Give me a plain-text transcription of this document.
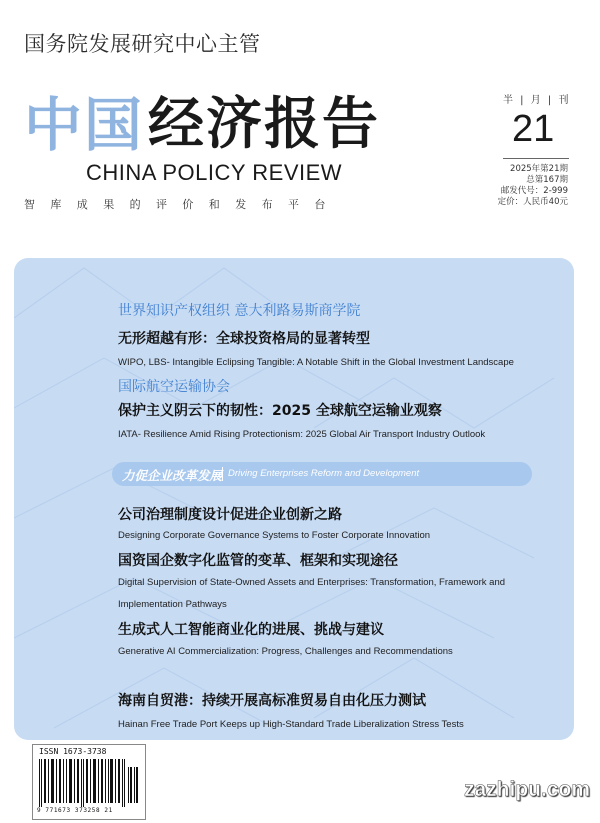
国务院发展研究中心主管
中国 经济报告
CHINA POLICY REVIEW
智库成果的评价和发布平台
半 | 月 | 刊
21
2025年第21期
总第167期
邮发代号：2-999
定价：人民币40元
世界知识产权组织 意大利路易斯商学院
无形超越有形：全球投资格局的显著转型
WIPO, LBS- Intangible Eclipsing Tangible: A Notable Shift in the Global Investment Landscape
国际航空运输协会
保护主义阴云下的韧性：2025 全球航空运输业观察
IATA- Resilience Amid Rising Protectionism: 2025 Global Air Transport Industry Outlook
力促企业改革发展 Driving Enterprises Reform and Development
公司治理制度设计促进企业创新之路
Designing Corporate Governance Systems to Foster Corporate Innovation
国资国企数字化监管的变革、框架和实现途径
Digital Supervision of State-Owned Assets and Enterprises: Transformation, Framework and
Implementation Pathways
生成式人工智能商业化的进展、挑战与建议
Generative AI Commercialization: Progress, Challenges and Recommendations
海南自贸港：持续开展高标准贸易自由化压力测试
Hainan Free Trade Port Keeps up High-Standard Trade Liberalization Stress Tests
ISSN 1673-3738
9 771673 373258 21
zazhipu.com
